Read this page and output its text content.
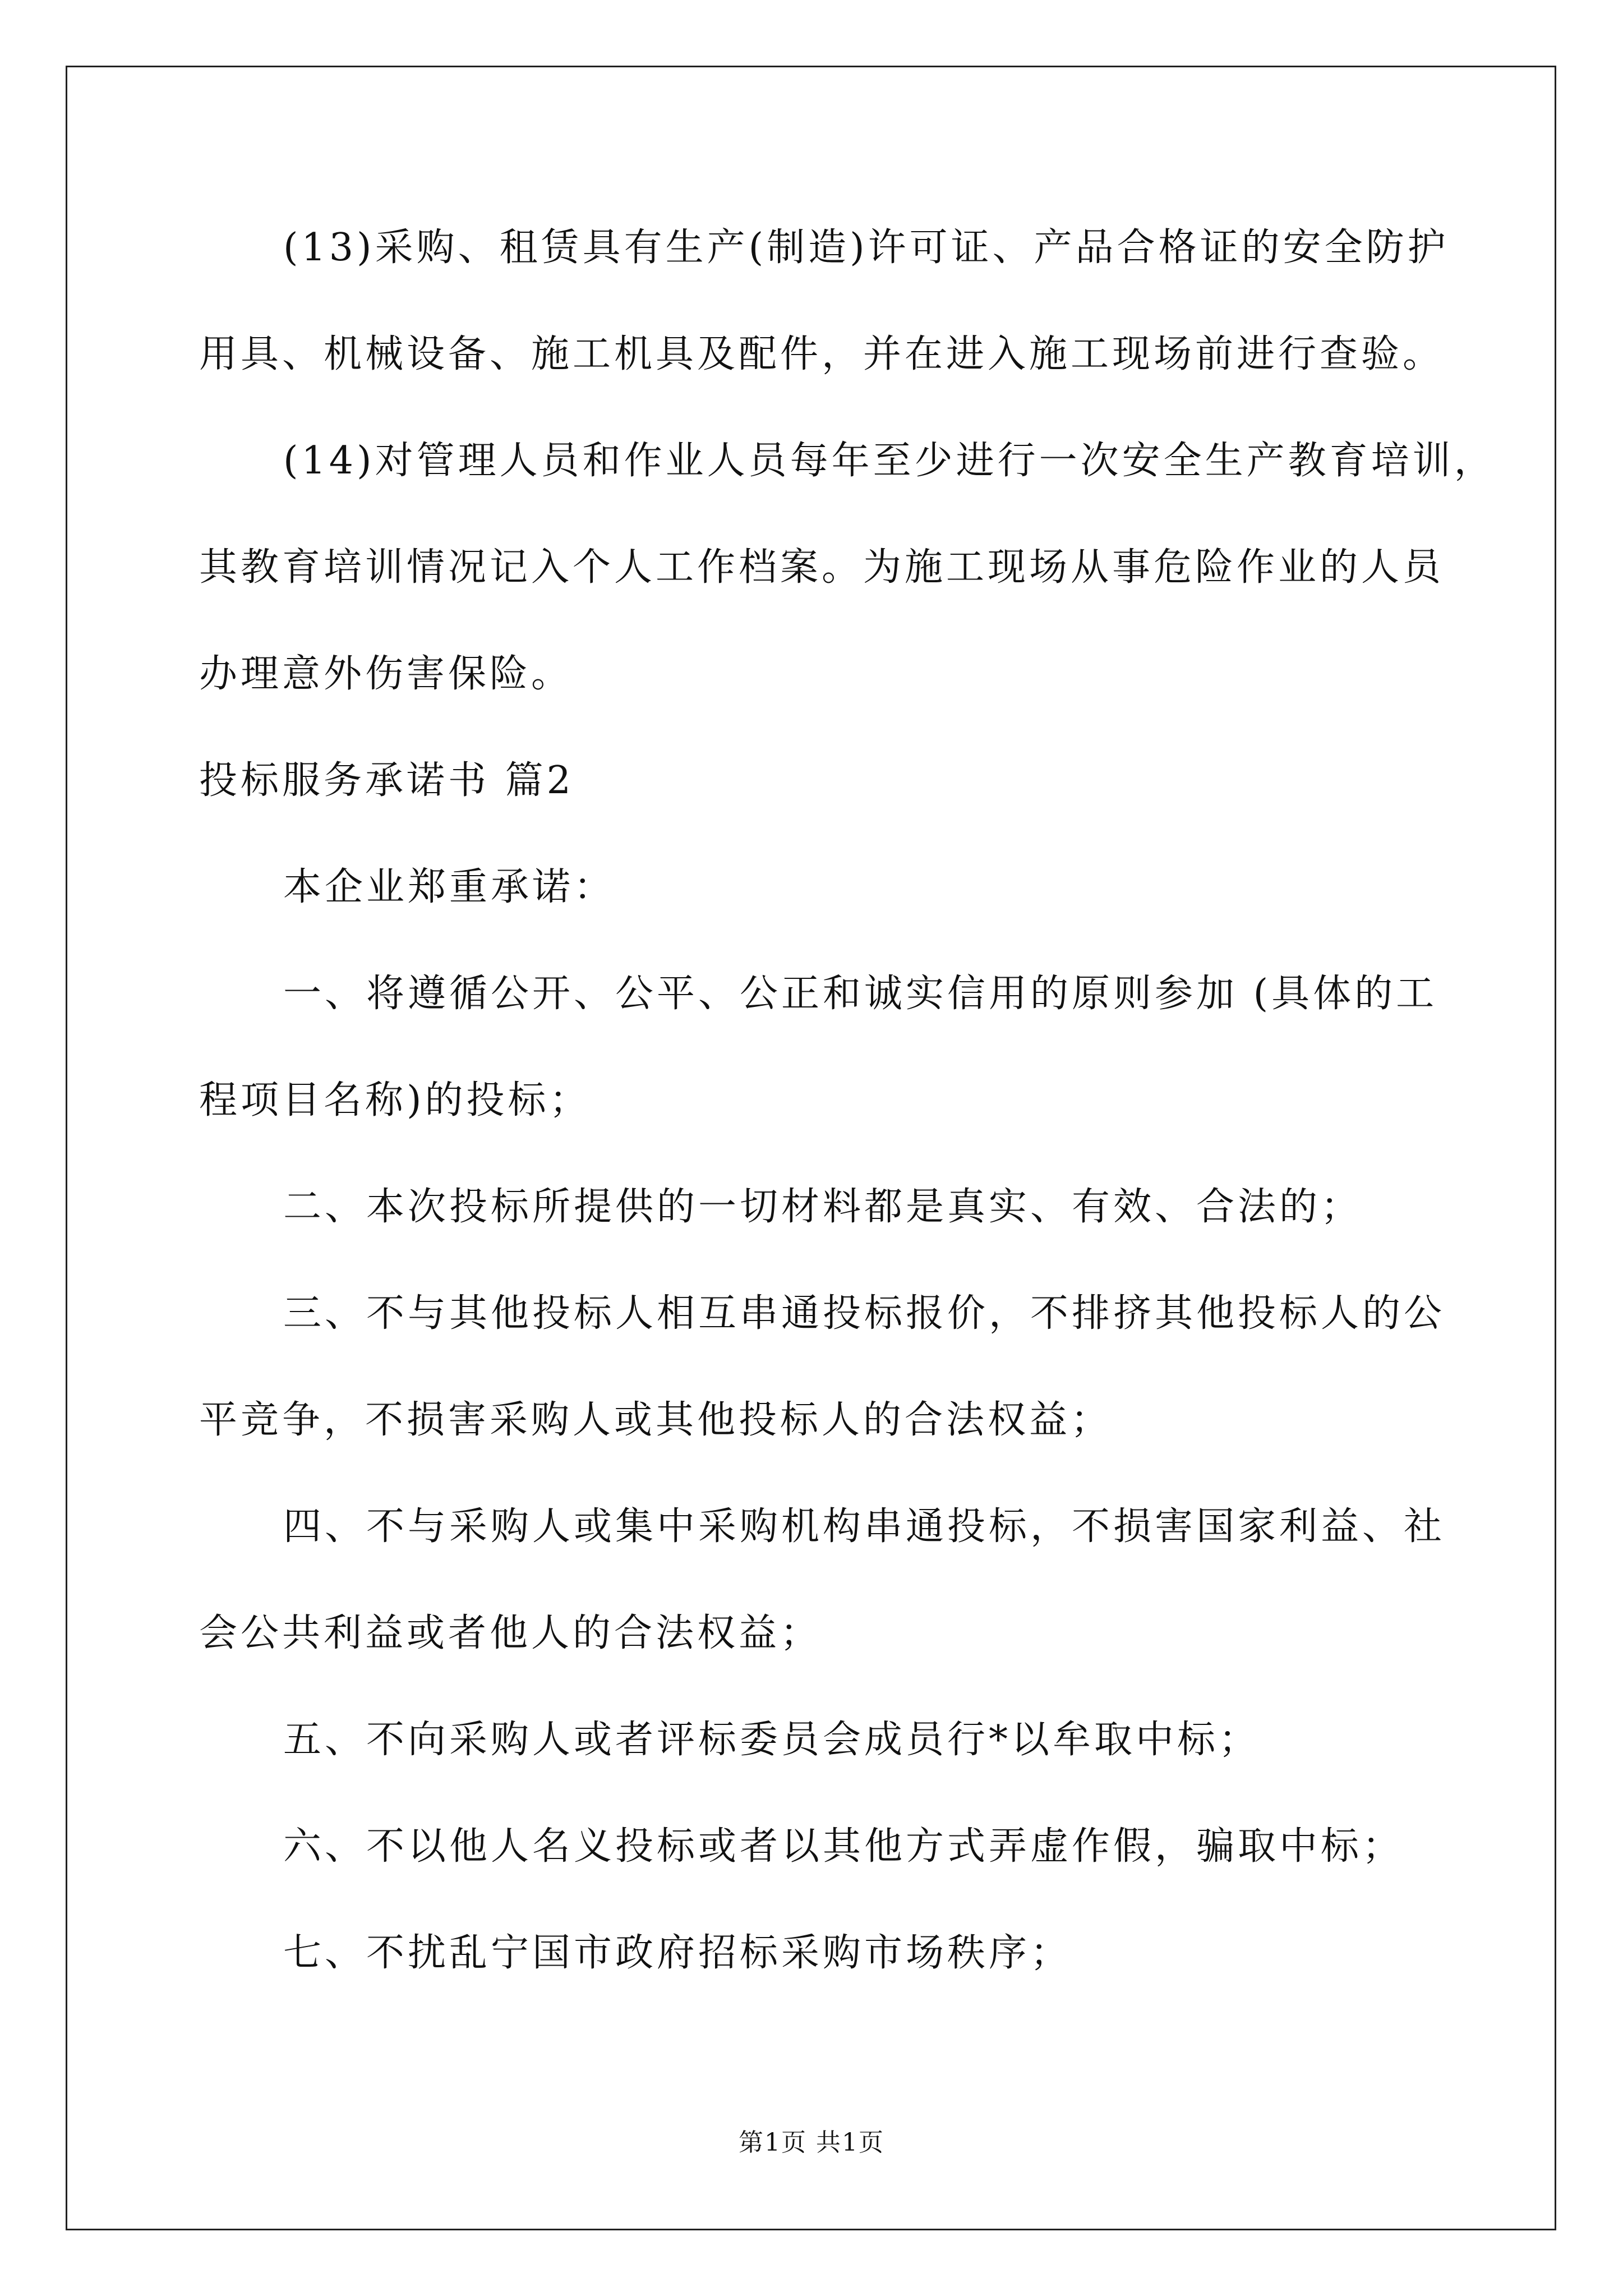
(13)采购、租赁具有生产(制造)许可证、产品合格证的安全防护
用具、机械设备、施工机具及配件，并在进入施工现场前进行查验。
(14)对管理人员和作业人员每年至少进行一次安全生产教育培训，
其教育培训情况记入个人工作档案。为施工现场从事危险作业的人员
办理意外伤害保险。
投标服务承诺书 篇2
本企业郑重承诺：
一、将遵循公开、公平、公正和诚实信用的原则参加 (具体的工
程项目名称)的投标；
二、本次投标所提供的一切材料都是真实、有效、合法的；
三、不与其他投标人相互串通投标报价，不排挤其他投标人的公
平竞争，不损害采购人或其他投标人的合法权益；
四、不与采购人或集中采购机构串通投标，不损害国家利益、社
会公共利益或者他人的合法权益；
五、不向采购人或者评标委员会成员行*以牟取中标；
六、不以他人名义投标或者以其他方式弄虚作假，骗取中标；
七、不扰乱宁国市政府招标采购市场秩序；
第1页 共1页
